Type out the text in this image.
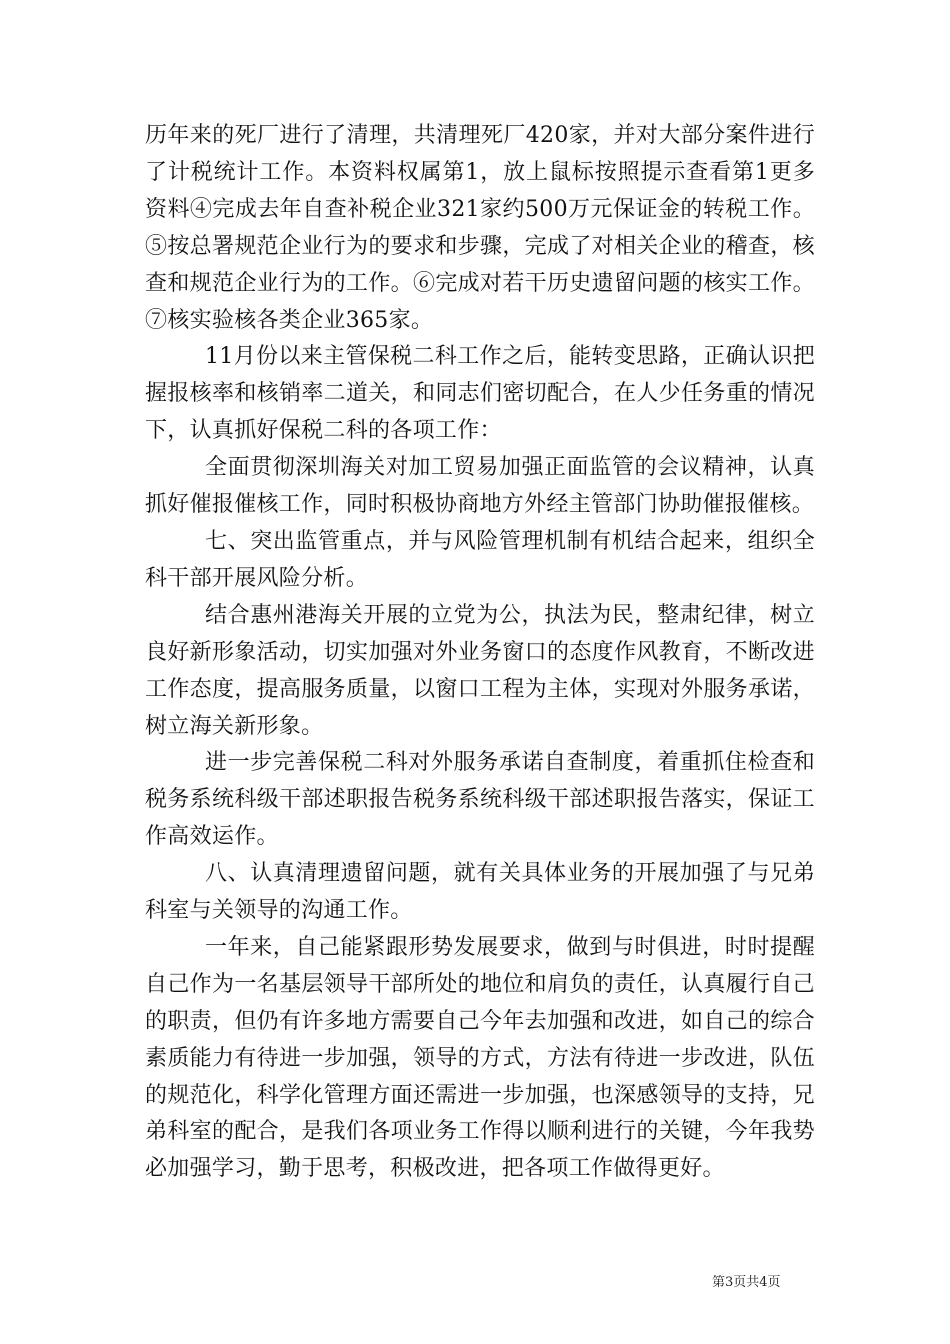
历年来的死厂进行了清理，共清理死厂420家，并对大部分案件进行了计税统计工作。本资料权属第1，放上鼠标按照提示查看第1更多资料④完成去年自查补税企业321家约500万元保证金的转税工作。⑤按总署规范企业行为的要求和步骤，完成了对相关企业的稽查，核查和规范企业行为的工作。⑥完成对若干历史遗留问题的核实工作。⑦核实验核各类企业365家。

11月份以来主管保税二科工作之后，能转变思路，正确认识把握报核率和核销率二道关，和同志们密切配合，在人少任务重的情况下，认真抓好保税二科的各项工作：

全面贯彻深圳海关对加工贸易加强正面监管的会议精神，认真抓好催报催核工作，同时积极协商地方外经主管部门协助催报催核。

七、突出监管重点，并与风险管理机制有机结合起来，组织全科干部开展风险分析。

结合惠州港海关开展的立党为公，执法为民，整肃纪律，树立良好新形象活动，切实加强对外业务窗口的态度作风教育，不断改进工作态度，提高服务质量，以窗口工程为主体，实现对外服务承诺，树立海关新形象。

进一步完善保税二科对外服务承诺自查制度，着重抓住检查和税务系统科级干部述职报告税务系统科级干部述职报告落实，保证工作高效运作。

八、认真清理遗留问题，就有关具体业务的开展加强了与兄弟科室与关领导的沟通工作。

一年来，自己能紧跟形势发展要求，做到与时俱进，时时提醒自己作为一名基层领导干部所处的地位和肩负的责任，认真履行自己的职责，但仍有许多地方需要自己今年去加强和改进，如自己的综合素质能力有待进一步加强，领导的方式，方法有待进一步改进，队伍的规范化，科学化管理方面还需进一步加强，也深感领导的支持，兄弟科室的配合，是我们各项业务工作得以顺利进行的关键，今年我势必加强学习，勤于思考，积极改进，把各项工作做得更好。

第3页共4页
